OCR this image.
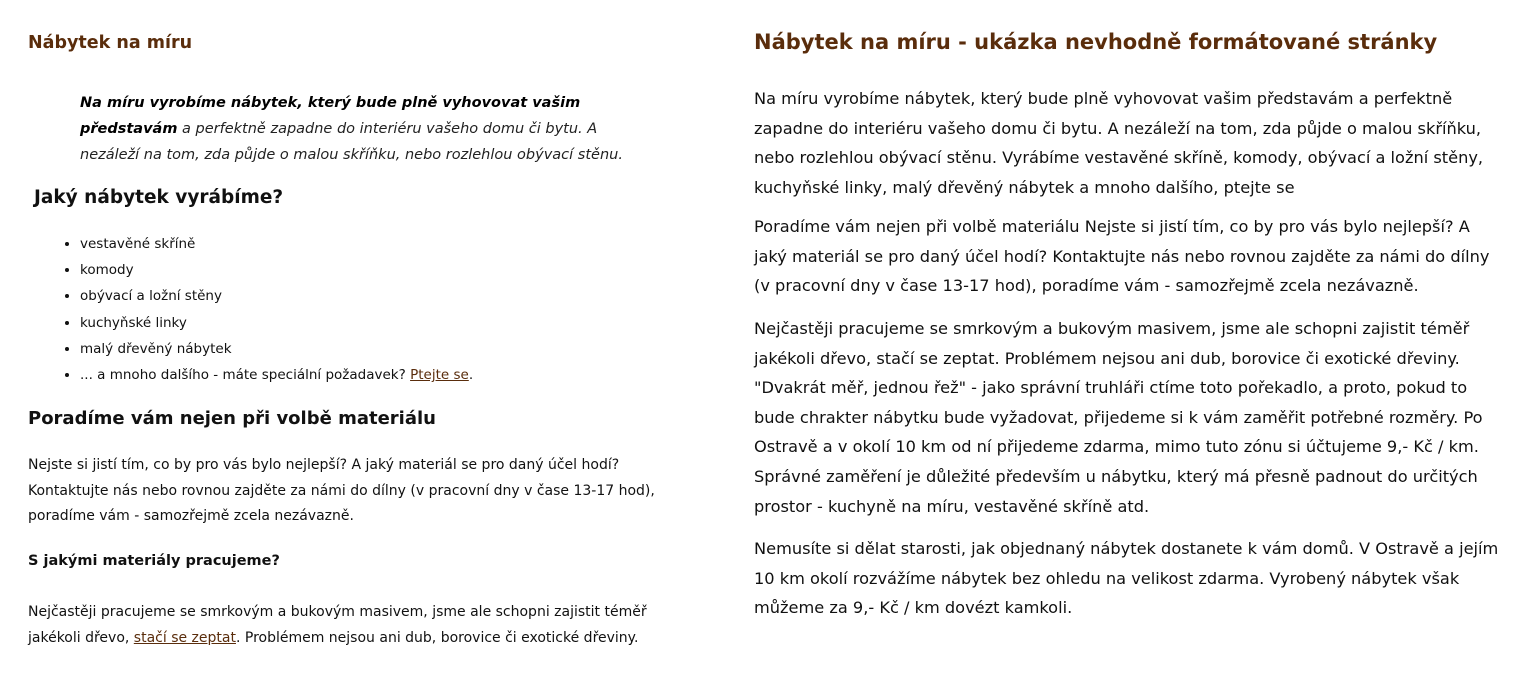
Nábytek na míru

Na míru vyrobíme nábytek, který bude plně vyhovovat vašim představám a perfektně zapadne do interiéru vašeho domu či bytu. A nezáleží na tom, zda půjde o malou skříňku, nebo rozlehlou obývací stěnu.

Jaký nábytek vyrábíme?
• vestavěné skříně
• komody
• obývací a ložní stěny
• kuchyňské linky
• malý dřevěný nábytek
• ... a mnoho dalšího - máte speciální požadavek? Ptejte se.
Poradíme vám nejen při volbě materiálu

Nejste si jistí tím, co by pro vás bylo nejlepší? A jaký materiál se pro daný účel hodí? Kontaktujte nás nebo rovnou zajděte za námi do dílny (v pracovní dny v čase 13-17 hod), poradíme vám - samozřejmě zcela nezávazně.

S jakými materiály pracujeme?

Nejčastěji pracujeme se smrkovým a bukovým masivem, jsme ale schopni zajistit téměř jakékoli dřevo, stačí se zeptat. Problémem nejsou ani dub, borovice či exotické dřeviny.

Nábytek na míru - ukázka nevhodně formátované stránky

Na míru vyrobíme nábytek, který bude plně vyhovovat vašim představám a perfektně zapadne do interiéru vašeho domu či bytu. A nezáleží na tom, zda půjde o malou skříňku, nebo rozlehlou obývací stěnu. Vyrábíme vestavěné skříně, komody, obývací a ložní stěny, kuchyňské linky, malý dřevěný nábytek a mnoho dalšího, ptejte se

Poradíme vám nejen při volbě materiálu Nejste si jistí tím, co by pro vás bylo nejlepší? A jaký materiál se pro daný účel hodí? Kontaktujte nás nebo rovnou zajděte za námi do dílny (v pracovní dny v čase 13-17 hod), poradíme vám - samozřejmě zcela nezávazně.

Nejčastěji pracujeme se smrkovým a bukovým masivem, jsme ale schopni zajistit téměř jakékoli dřevo, stačí se zeptat. Problémem nejsou ani dub, borovice či exotické dřeviny. "Dvakrát měř, jednou řež" - jako správní truhláři ctíme toto pořekadlo, a proto, pokud to bude chrakter nábytku bude vyžadovat, přijedeme si k vám zaměřit potřebné rozměry. Po Ostravě a v okolí 10 km od ní přijedeme zdarma, mimo tuto zónu si účtujeme 9,- Kč / km. Správné zaměření je důležité především u nábytku, který má přesně padnout do určitých prostor - kuchyně na míru, vestavěné skříně atd.

Nemusíte si dělat starosti, jak objednaný nábytek dostanete k vám domů. V Ostravě a jejím 10 km okolí rozvážíme nábytek bez ohledu na velikost zdarma. Vyrobený nábytek však můžeme za 9,- Kč / km dovézt kamkoli.
